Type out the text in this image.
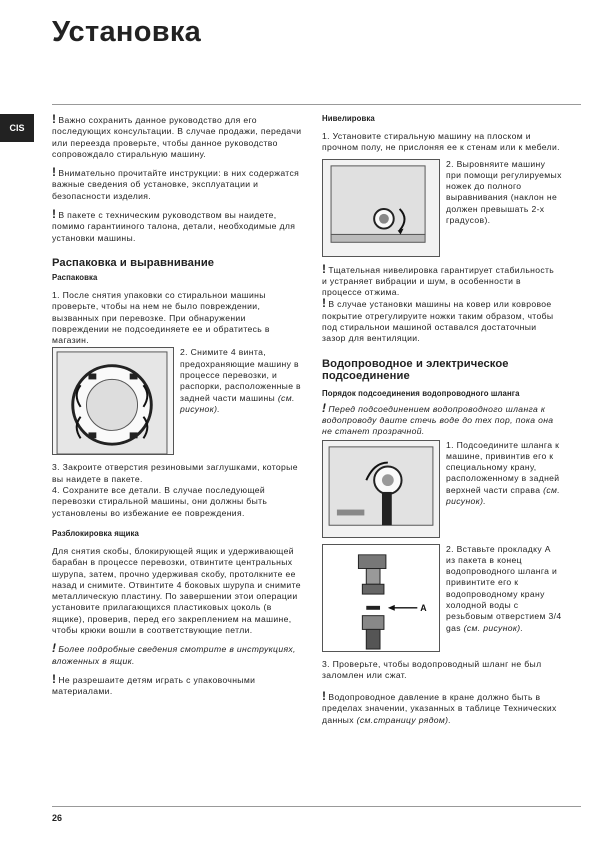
Установка
CIS

! Важно сохранить данное руководство для его последующих консультации. В случае продажи, передачи или переезда проверьте, чтобы данное руководство сопровождало стиральную машину.

! Внимательно прочитайте инструкции: в них содержатся важные сведения об установке, эксплуатации и безопасности изделия.

! В пакете с техническим руководством вы наидете, помимо гарантииного талона, детали, необходимые для установки машины.

Распаковка и выравнивание
Распаковка

1. После снятия упаковки со стиральнои машины проверьте, чтобы на нем не было повреждении, вызванных при перевозке. При обнаружении повреждении не подсоединяете ее и обратитесь в магазин.

2. Снимите 4 винта, предохраняющие машину в процессе перевозки, и распорки, расположенные в задней части машины (см. рисунок).

3. Закроите отверстия резиновыми заглушками, которые вы наидете в пакете.

4. Сохраните все детали. В случае последующей перевозки стиральной машины, они должны быть установлены во избежание ее повреждения.

Разблокировка ящика

Для снятия скобы, блокирующей ящик и удерживающей барабан в процессе перевозки, отвинтите центральных шурупа, затем, прочно удерживая скобу, протолкните ее назад и снимите. Отвинтите 4 боковых шурупа и снимите металлическую пластину. По завершении этои операции установите прилагающихся пластиковых цоколь (в ящике), проверив, перед его закреплением на машине, чтобы крюки вошли в соответствующие петли.

! Более подробные сведения смотрите в инструкциях, вложенных в ящик.

! Не разрешаите детям играть с упаковочными материалами.

Нивелировка

1. Установите стиральную машину на плоском и прочном полу, не прислоняя ее к стенам или к мебели.

2. Выровняите машину при помощи регулируемых ножек до полного выравнивания (наклон не должен превышать 2-х градусов).

! Тщательная нивелировка гарантирует стабильность и устраняет вибрации и шум, в особенности в процессе отжима.

! В случае установки машины на ковер или ковровое покрытие отрегулируите ножки таким образом, чтобы под стиральнои машиной оставался достаточныи зазор для вентиляции.

Водопроводное и электрическое подсоединение
Порядок подсоединения водопроводного шланга

! Перед подсоединением водопроводного шланга к водопроводу даите стечь воде до тех пор, пока она не станет прозрачной.

1. Подсоедините шланга к машине, привинтив его к специальному крану, расположенному в задней верхней части справа (см. рисунок).

A

2. Вставьте прокладку А из пакета в конец водопроводного шланга и привинтите его к водопроводному крану холодной воды с резьбовым отверстием 3/4 gas (см. рисунок).

3. Проверьте, чтобы водопроводный шланг не был заломлен или сжат.

! Водопроводное давление в кране должно быть в пределах значении, указанных в таблице Технических данных (см.страницу рядом).

26
